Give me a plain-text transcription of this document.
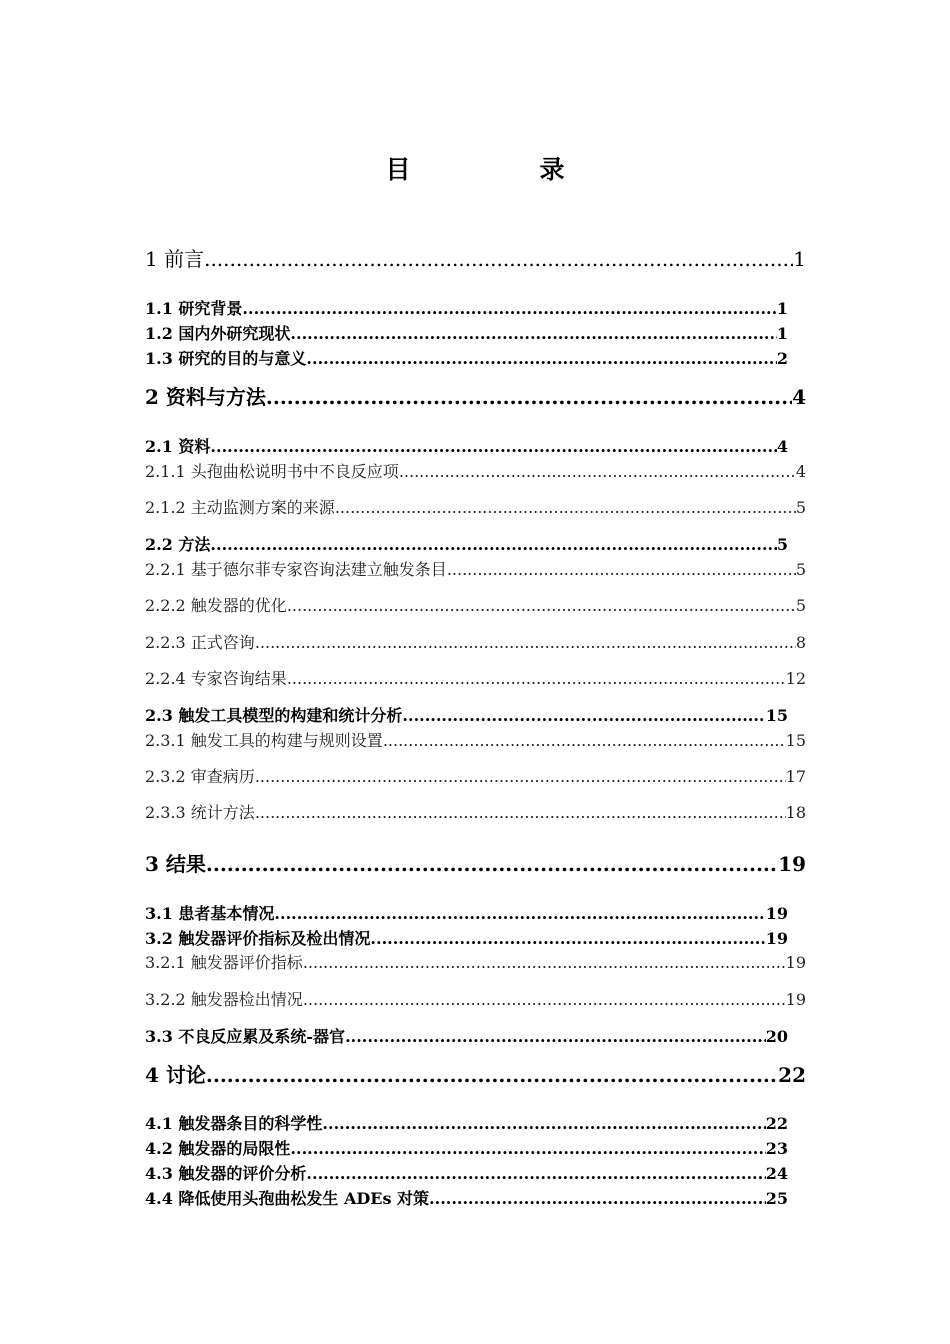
目　录
1 前言 .....	1
1.1 研究背景 .....	1
1.2 国内外研究现状 .....	1
1.3 研究的目的与意义 .....	2
2 资料与方法 .....	4
2.1 资料 .....	4
2.1.1 头孢曲松说明书中不良反应项 .....	4
2.1.2 主动监测方案的来源 .....	5
2.2 方法 .....	5
2.2.1 基于德尔菲专家咨询法建立触发条目 .....	5
2.2.2 触发器的优化 .....	5
2.2.3 正式咨询 .....	8
2.2.4 专家咨询结果 .....	12
2.3 触发工具模型的构建和统计分析 .....	15
2.3.1 触发工具的构建与规则设置 .....	15
2.3.2 审查病历 .....	17
2.3.3 统计方法 .....	18
3 结果 .....	19
3.1 患者基本情况 .....	19
3.2 触发器评价指标及检出情况 .....	19
3.2.1 触发器评价指标 .....	19
3.2.2 触发器检出情况 .....	19
3.3 不良反应累及系统-器官 .....	20
4 讨论 .....	22
4.1 触发器条目的科学性 .....	22
4.2 触发器的局限性 .....	23
4.3 触发器的评价分析 .....	24
4.4 降低使用头孢曲松发生 ADEs 对策 .....	25
